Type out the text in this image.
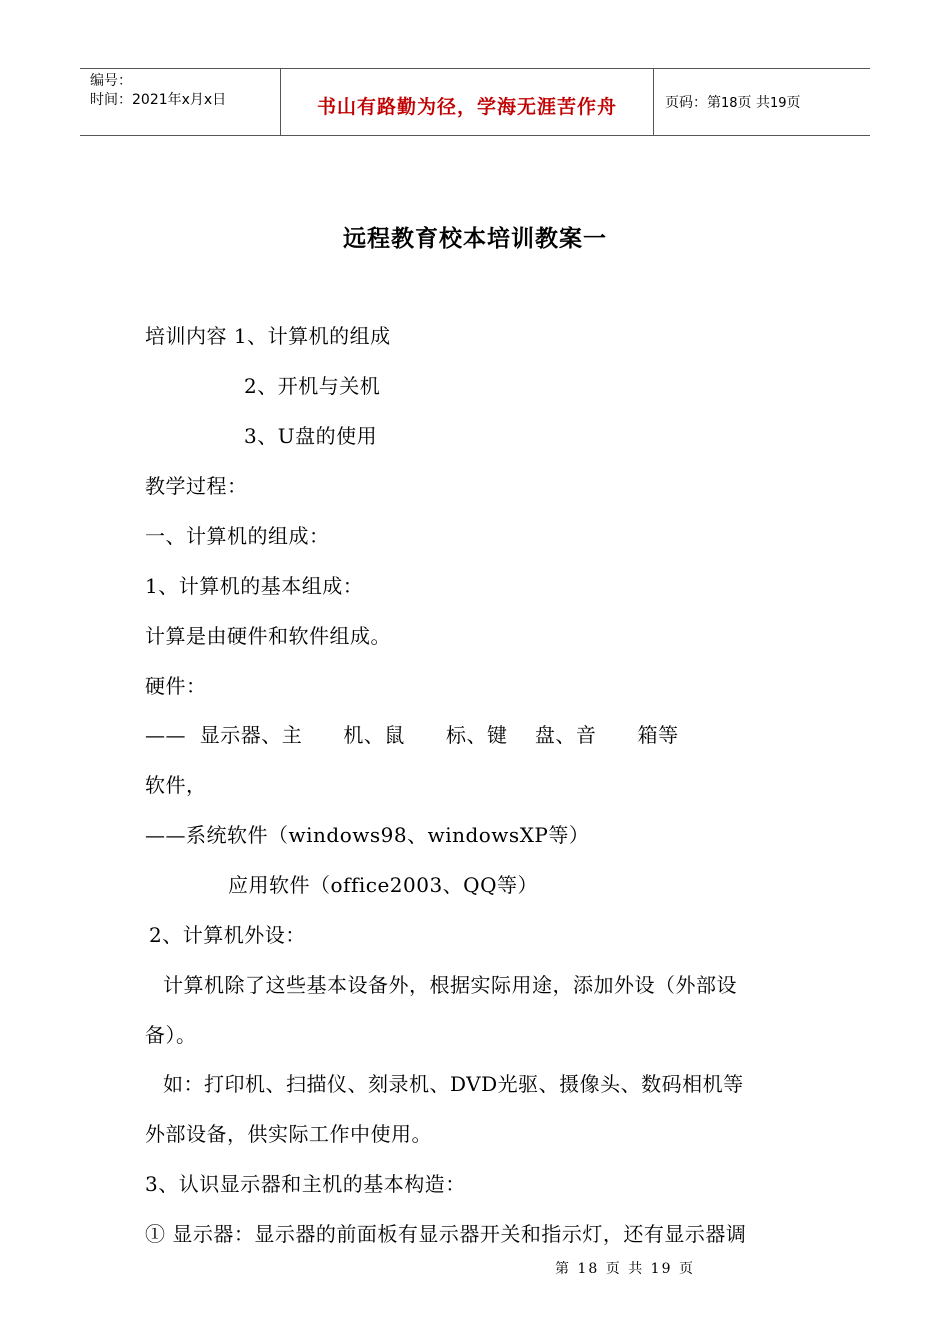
编号：
时间：2021年x月x日	书山有路勤为径，学海无涯苦作舟	页码：第18页 共19页
远程教育校本培训教案一
培训内容 1、计算机的组成
2、开机与关机
3、U盘的使用
教学过程：
一、计算机的组成：
1、计算机的基本组成：
计算是由硬件和软件组成。
硬件：
——  显示器、主      机、鼠      标、键    盘、音      箱等
软件，
——系统软件（windows98、windowsXP等）
应用软件（office2003、QQ等）
2、计算机外设：
计算机除了这些基本设备外，根据实际用途，添加外设（外部设
备）。
如：打印机、扫描仪、刻录机、DVD光驱、摄像头、数码相机等
外部设备，供实际工作中使用。
3、认识显示器和主机的基本构造：
① 显示器：显示器的前面板有显示器开关和指示灯，还有显示器调
第 18 页 共 19 页
